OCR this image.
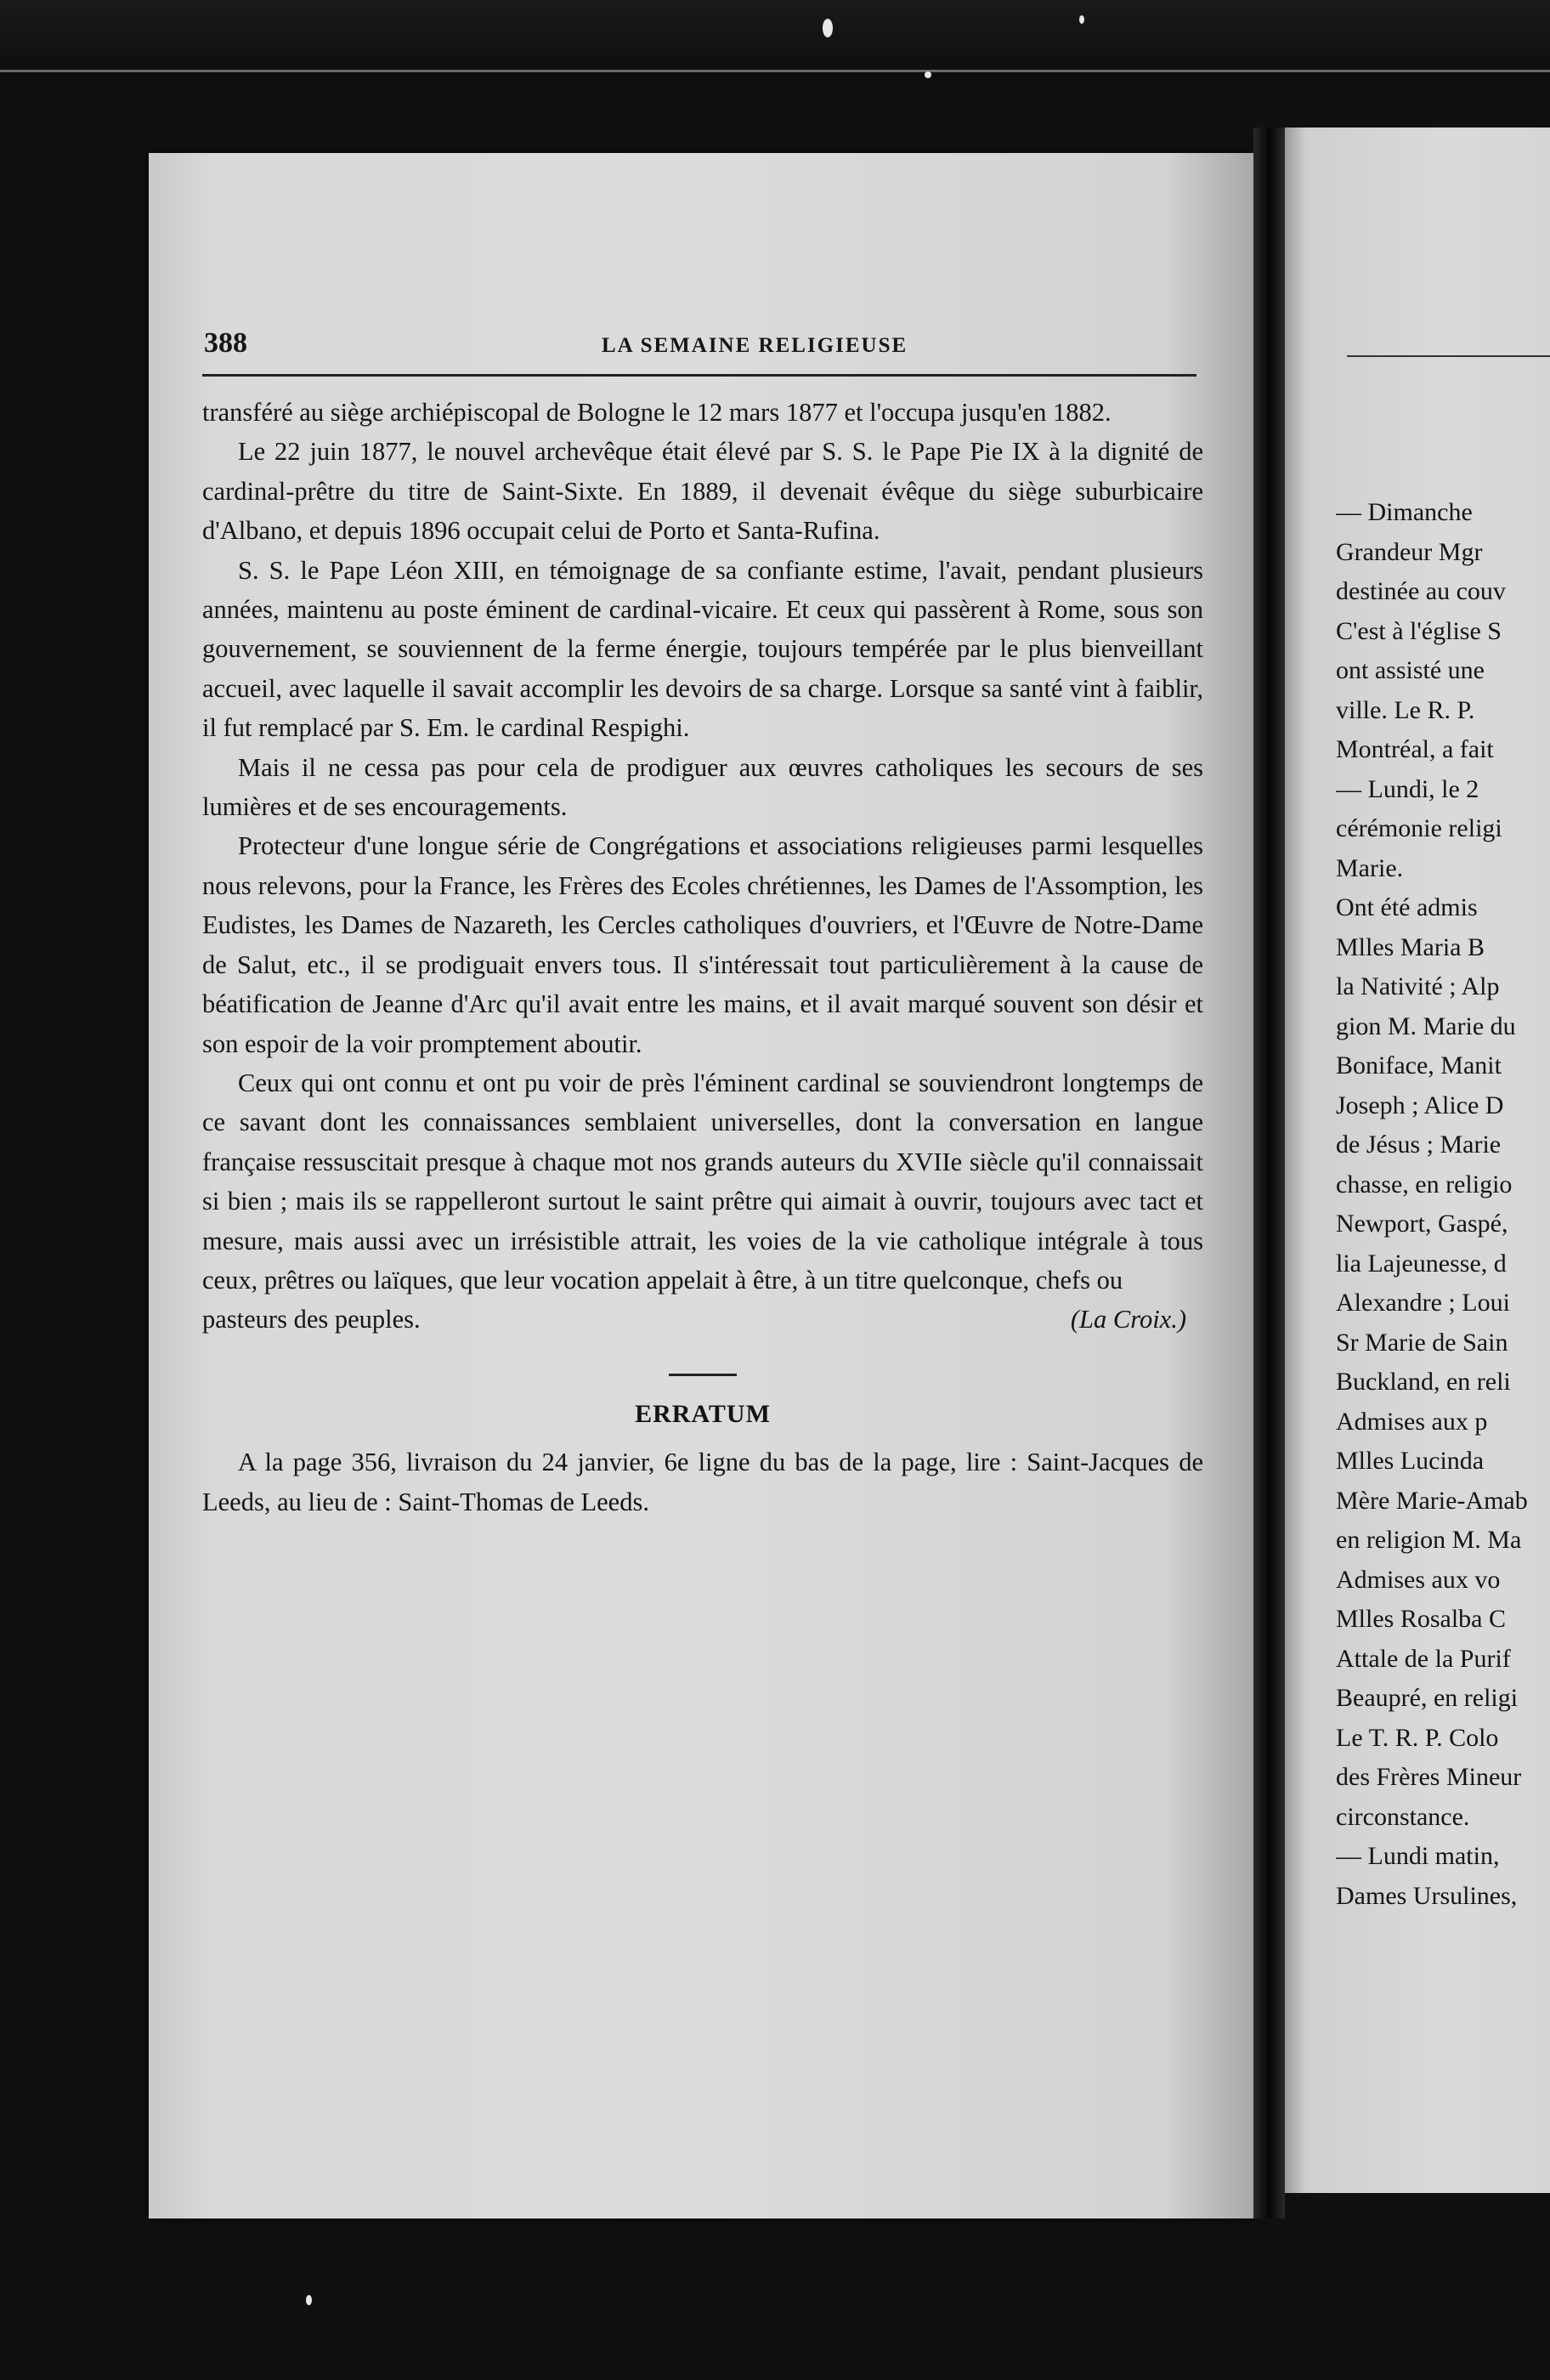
388	LA SEMAINE RELIGIEUSE

transféré au siège archiépiscopal de Bologne le 12 mars 1877 et l'occupa jusqu'en 1882.

Le 22 juin 1877, le nouvel archevêque était élevé par S. S. le Pape Pie IX à la dignité de cardinal-prêtre du titre de Saint-Sixte. En 1889, il devenait évêque du siège suburbicaire d'Albano, et depuis 1896 occupait celui de Porto et Santa-Rufina.

S. S. le Pape Léon XIII, en témoignage de sa confiante estime, l'avait, pendant plusieurs années, maintenu au poste éminent de cardinal-vicaire. Et ceux qui passèrent à Rome, sous son gouvernement, se souviennent de la ferme énergie, toujours tempérée par le plus bienveillant accueil, avec laquelle il savait accomplir les devoirs de sa charge. Lorsque sa santé vint à faiblir, il fut remplacé par S. Em. le cardinal Respighi.

Mais il ne cessa pas pour cela de prodiguer aux œuvres catholiques les secours de ses lumières et de ses encouragements.

Protecteur d'une longue série de Congrégations et associations religieuses parmi lesquelles nous relevons, pour la France, les Frères des Ecoles chrétiennes, les Dames de l'Assomption, les Eudistes, les Dames de Nazareth, les Cercles catholiques d'ouvriers, et l'Œuvre de Notre-Dame de Salut, etc., il se prodiguait envers tous. Il s'intéressait tout particulièrement à la cause de béatification de Jeanne d'Arc qu'il avait entre les mains, et il avait marqué souvent son désir et son espoir de la voir promptement aboutir.

Ceux qui ont connu et ont pu voir de près l'éminent cardinal se souviendront longtemps de ce savant dont les connaissances semblaient universelles, dont la conversation en langue française ressuscitait presque à chaque mot nos grands auteurs du XVIIe siècle qu'il connaissait si bien ; mais ils se rappelleront surtout le saint prêtre qui aimait à ouvrir, toujours avec tact et mesure, mais aussi avec un irrésistible attrait, les voies de la vie catholique intégrale à tous ceux, prêtres ou laïques, que leur vocation appelait à être, à un titre quelconque, chefs ou

pasteurs des peuples.	(La Croix.)
ERRATUM

A la page 356, livraison du 24 janvier, 6e ligne du bas de la page, lire : Saint-Jacques de Leeds, au lieu de : Saint-Thomas de Leeds.

— Dimanche
Grandeur Mgr
destinée au couv
C'est à l'église S
ont assisté une
ville. Le R. P.
Montréal, a fait
— Lundi, le 2
cérémonie religi
Marie.
Ont été admis
Mlles Maria B
la Nativité ; Alp
gion M. Marie du
Boniface, Manit
Joseph ; Alice D
de Jésus ; Marie
chasse, en religio
Newport, Gaspé,
lia Lajeunesse, d
Alexandre ; Loui
Sr Marie de Sain
Buckland, en reli
Admises aux p
Mlles Lucinda
Mère Marie-Amab
en religion M. Ma
Admises aux vo
Mlles Rosalba C
Attale de la Purif
Beaupré, en religi
Le T. R. P. Colo
des Frères Mineur
circonstance.
— Lundi matin,
Dames Ursulines,
